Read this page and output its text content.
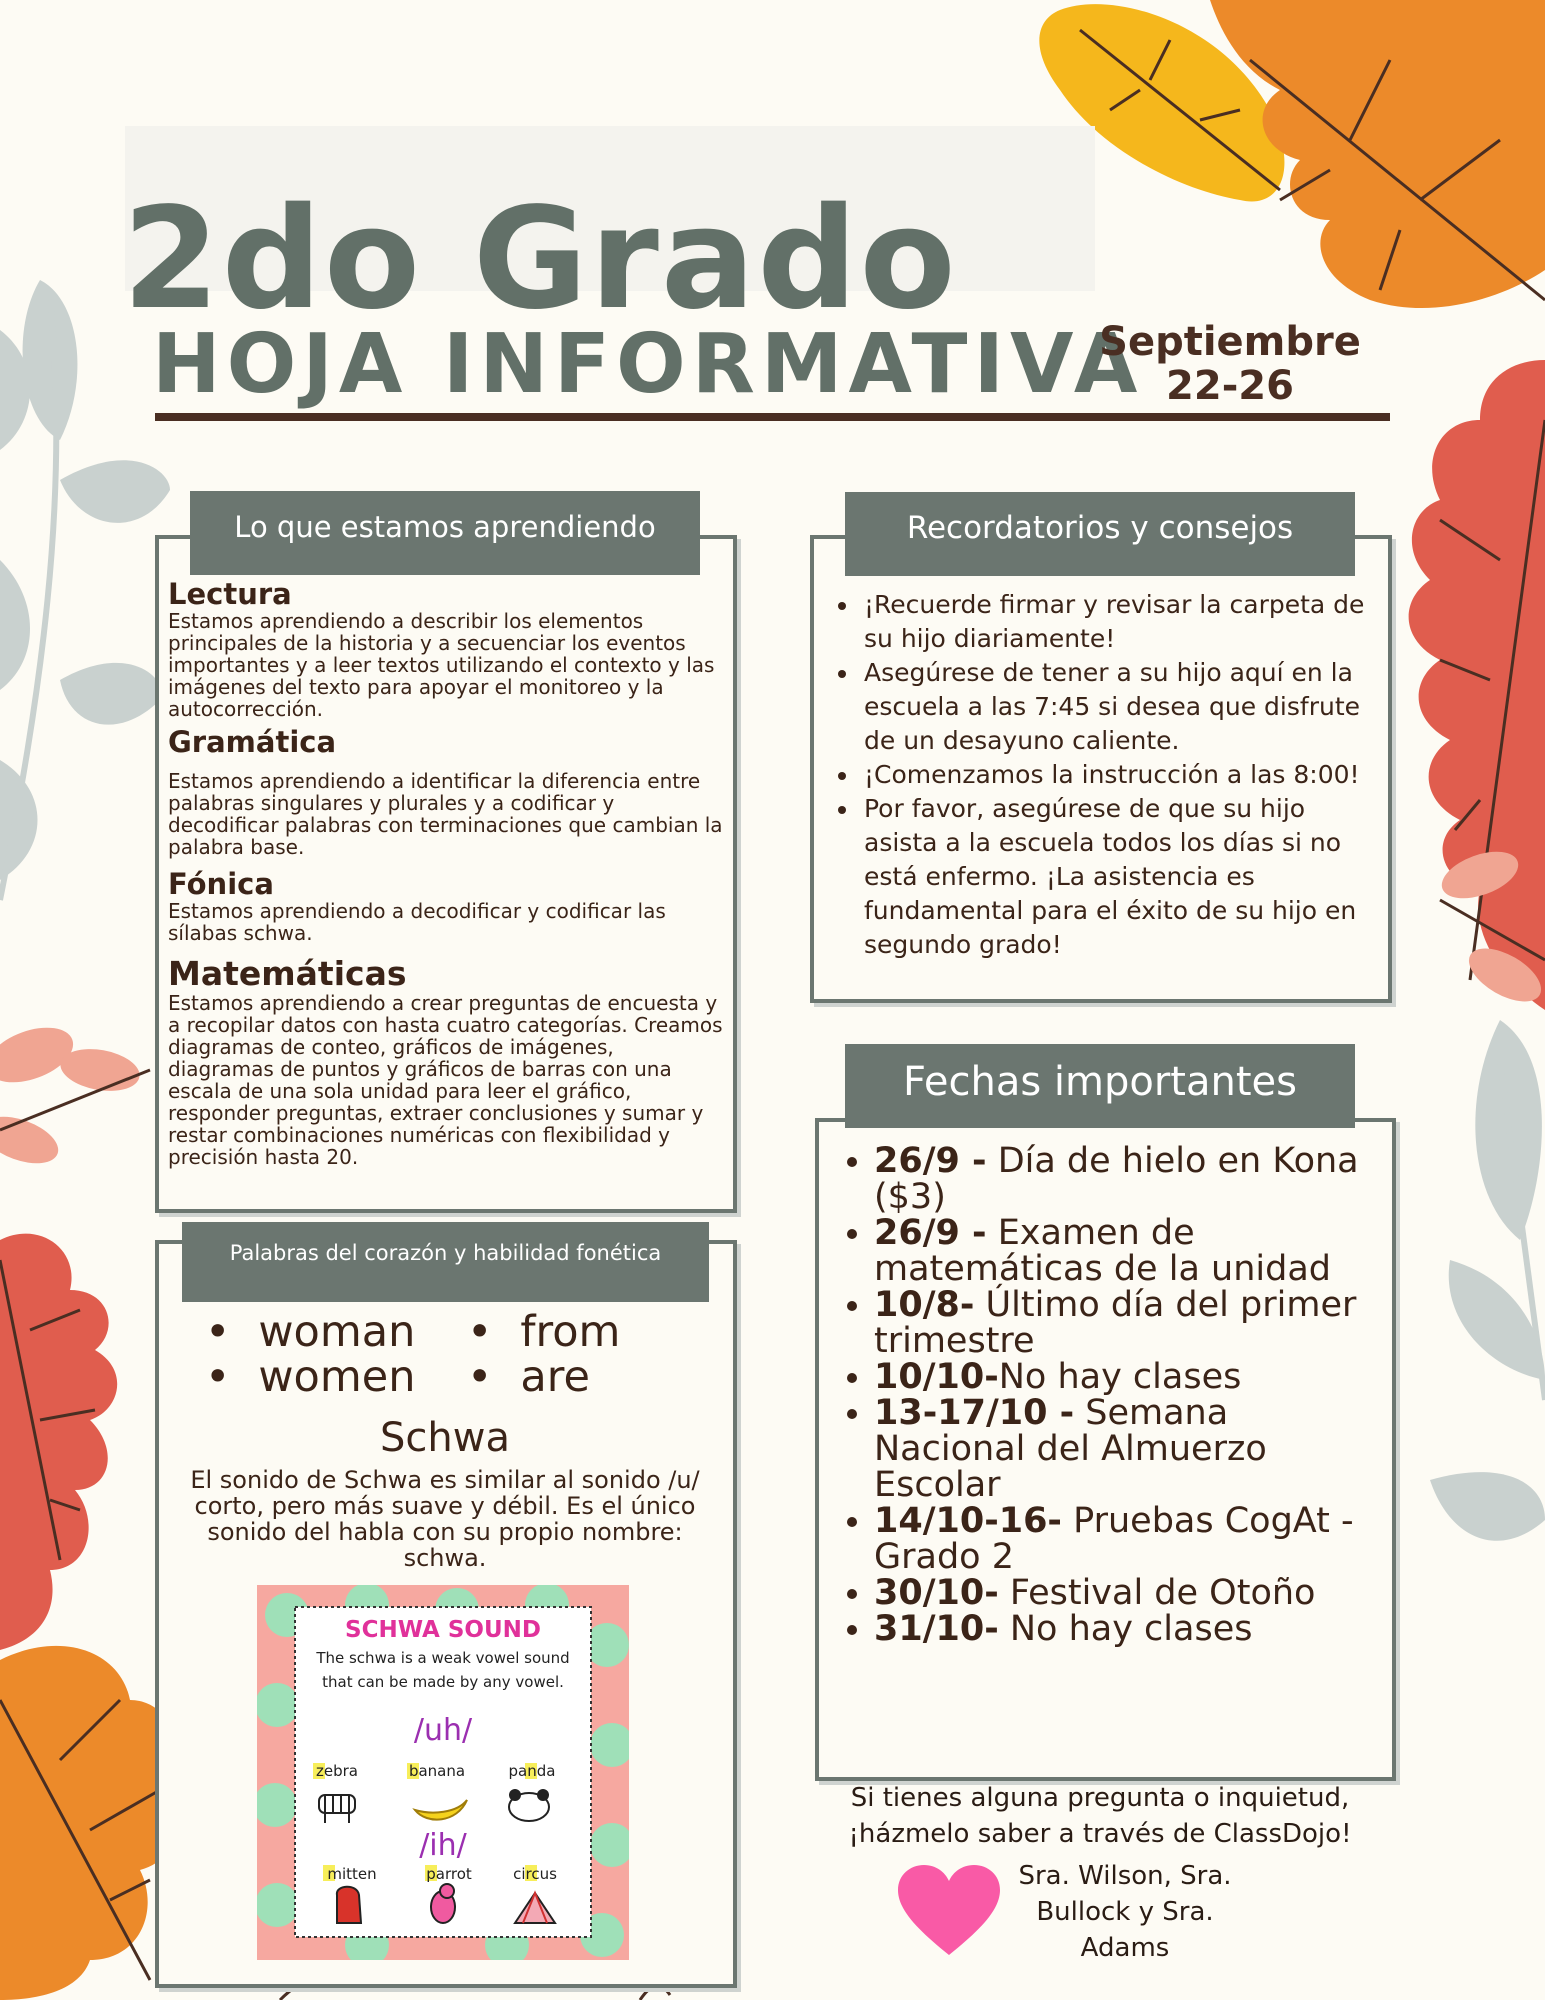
2do Grado
HOJA INFORMATIVA
Septiembre
22-26
Lo que estamos aprendiendo
Lectura

Estamos aprendiendo a describir los elementos principales de la historia y a secuenciar los eventos importantes y a leer textos utilizando el contexto y las imágenes del texto para apoyar el monitoreo y la autocorrección.

Gramática

Estamos aprendiendo a identificar la diferencia entre palabras singulares y plurales y a codificar y decodificar palabras con terminaciones que cambian la palabra base.

Fónica

Estamos aprendiendo a decodificar y codificar las sílabas schwa.

Matemáticas

Estamos aprendiendo a crear preguntas de encuesta y a recopilar datos con hasta cuatro categorías. Creamos diagramas de conteo, gráficos de imágenes, diagramas de puntos y gráficos de barras con una escala de una sola unidad para leer el gráfico, responder preguntas, extraer conclusiones y sumar y restar combinaciones numéricas con flexibilidad y precisión hasta 20.

Recordatorios y consejos
• ¡Recuerde firmar y revisar la carpeta de su hijo diariamente!
• Asegúrese de tener a su hijo aquí en la escuela a las 7:45 si desea que disfrute de un desayuno caliente.
• ¡Comenzamos la instrucción a las 8:00!
• Por favor, asegúrese de que su hijo asista a la escuela todos los días si no está enfermo. ¡La asistencia es fundamental para el éxito de su hijo en segundo grado!
Fechas importantes
• 26/9 - Día de hielo en Kona ($3)
• 26/9 - Examen de matemáticas de la unidad
• 10/8- Último día del primer trimestre
• 10/10-No hay clases
• 13-17/10 - Semana Nacional del Almuerzo Escolar
• 14/10-16- Pruebas CogAt - Grado 2
• 30/10- Festival de Otoño
• 31/10- No hay clases
Palabras del corazón y habilidad fonética
• woman
• women
• from
• are
Schwa
El sonido de Schwa es similar al sonido /u/ corto, pero más suave y débil. Es el único sonido del habla con su propio nombre: schwa.
SCHWA SOUND
The schwa is a weak vowel sound
that can be made by any vowel.
/uh/
zebra	banana	panda
/ih/
mitten	parrot	circus
Si tienes alguna pregunta o inquietud,
¡házmelo saber a través de ClassDojo!
Sra. Wilson, Sra.
Bullock y Sra.
Adams
